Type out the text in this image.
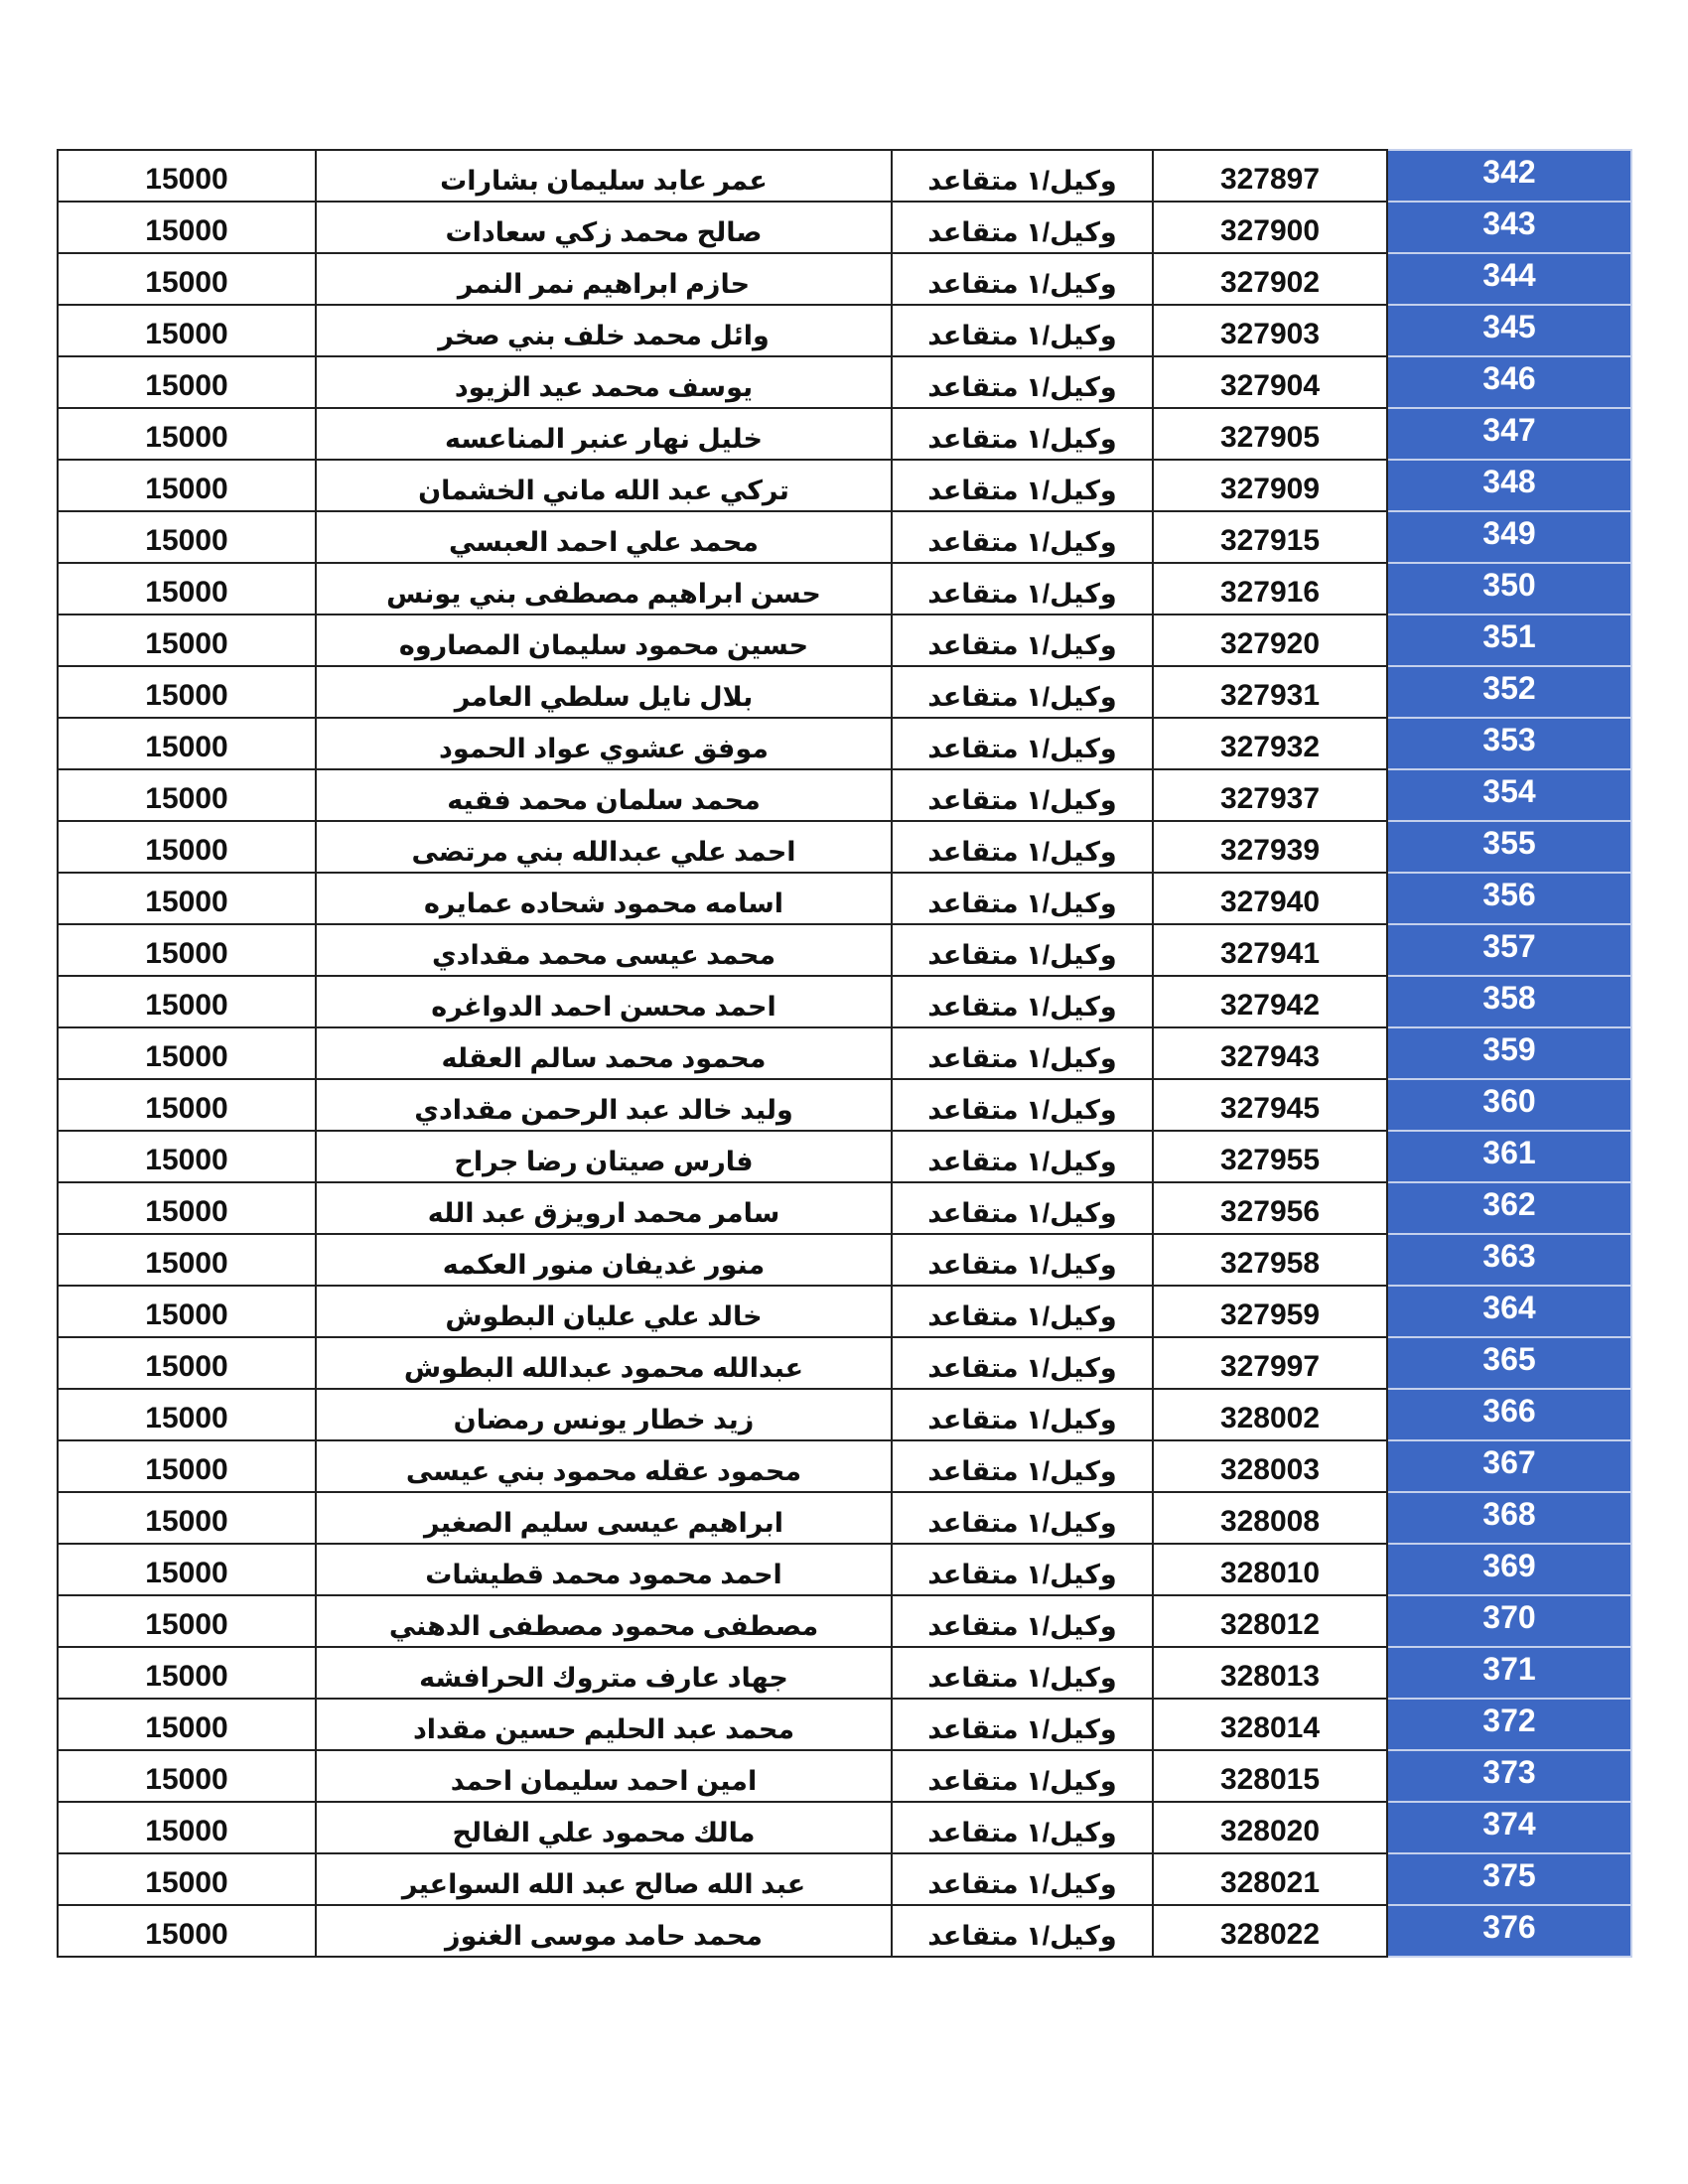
15000	عمر عابد سليمان بشارات	وكيل/١ متقاعد	327897	342
15000	صالح محمد زكي سعادات	وكيل/١ متقاعد	327900	343
15000	حازم ابراهيم نمر النمر	وكيل/١ متقاعد	327902	344
15000	وائل محمد خلف بني صخر	وكيل/١ متقاعد	327903	345
15000	يوسف محمد عيد الزيود	وكيل/١ متقاعد	327904	346
15000	خليل نهار عنبر المناعسه	وكيل/١ متقاعد	327905	347
15000	تركي عبد الله ماني الخشمان	وكيل/١ متقاعد	327909	348
15000	محمد علي احمد العبسي	وكيل/١ متقاعد	327915	349
15000	حسن ابراهيم مصطفى بني يونس	وكيل/١ متقاعد	327916	350
15000	حسين محمود سليمان المصاروه	وكيل/١ متقاعد	327920	351
15000	بلال نايل سلطي العامر	وكيل/١ متقاعد	327931	352
15000	موفق عشوي عواد الحمود	وكيل/١ متقاعد	327932	353
15000	محمد سلمان محمد فقيه	وكيل/١ متقاعد	327937	354
15000	احمد علي عبدالله بني مرتضى	وكيل/١ متقاعد	327939	355
15000	اسامه محمود شحاده عمايره	وكيل/١ متقاعد	327940	356
15000	محمد عيسى محمد مقدادي	وكيل/١ متقاعد	327941	357
15000	احمد محسن احمد الدواغره	وكيل/١ متقاعد	327942	358
15000	محمود محمد سالم العقله	وكيل/١ متقاعد	327943	359
15000	وليد خالد عبد الرحمن مقدادي	وكيل/١ متقاعد	327945	360
15000	فارس صيتان رضا جراح	وكيل/١ متقاعد	327955	361
15000	سامر محمد ارويزق عبد الله	وكيل/١ متقاعد	327956	362
15000	منور غديفان منور العكمه	وكيل/١ متقاعد	327958	363
15000	خالد علي عليان البطوش	وكيل/١ متقاعد	327959	364
15000	عبدالله محمود عبدالله البطوش	وكيل/١ متقاعد	327997	365
15000	زيد خطار يونس رمضان	وكيل/١ متقاعد	328002	366
15000	محمود عقله محمود بني عيسى	وكيل/١ متقاعد	328003	367
15000	ابراهيم عيسى سليم الصغير	وكيل/١ متقاعد	328008	368
15000	احمد محمود محمد قطيشات	وكيل/١ متقاعد	328010	369
15000	مصطفى محمود مصطفى الدهني	وكيل/١ متقاعد	328012	370
15000	جهاد عارف متروك الحرافشه	وكيل/١ متقاعد	328013	371
15000	محمد عبد الحليم حسين مقداد	وكيل/١ متقاعد	328014	372
15000	امين احمد سليمان احمد	وكيل/١ متقاعد	328015	373
15000	مالك محمود علي الفالح	وكيل/١ متقاعد	328020	374
15000	عبد الله صالح عبد الله السواعير	وكيل/١ متقاعد	328021	375
15000	محمد حامد موسى الغنوز	وكيل/١ متقاعد	328022	376
